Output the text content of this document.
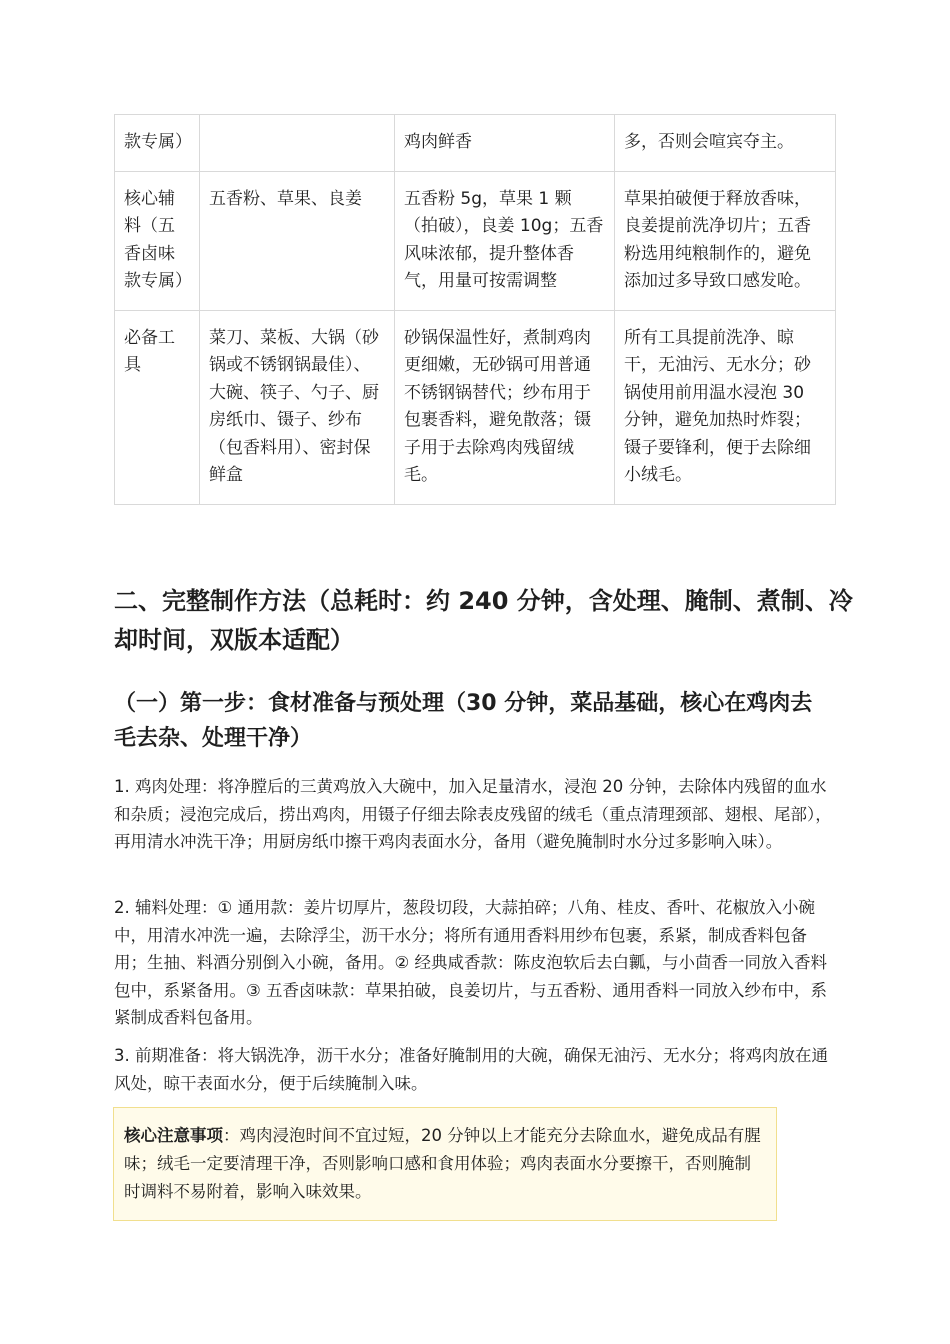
款专属）		鸡肉鲜香	多，否则会喧宾夺主。
核心辅料（五香卤味款专属）	五香粉、草果、良姜	五香粉 5g，草果 1 颗（拍破），良姜 10g；五香风味浓郁，提升整体香气，用量可按需调整	草果拍破便于释放香味，良姜提前洗净切片；五香粉选用纯粮制作的，避免添加过多导致口感发呛。
必备工具	菜刀、菜板、大锅（砂锅或不锈钢锅最佳）、大碗、筷子、勺子、厨房纸巾、镊子、纱布（包香料用）、密封保鲜盒	砂锅保温性好，煮制鸡肉更细嫩，无砂锅可用普通不锈钢锅替代；纱布用于包裹香料，避免散落；镊子用于去除鸡肉残留绒毛。	所有工具提前洗净、晾干，无油污、无水分；砂锅使用前用温水浸泡 30 分钟，避免加热时炸裂；镊子要锋利，便于去除细小绒毛。
二、完整制作方法（总耗时：约 240 分钟，含处理、腌制、煮制、冷却时间，双版本适配）
（一）第一步：食材准备与预处理（30 分钟，菜品基础，核心在鸡肉去毛去杂、处理干净）

1. 鸡肉处理：将净膛后的三黄鸡放入大碗中，加入足量清水，浸泡 20 分钟，去除体内残留的血水和杂质；浸泡完成后，捞出鸡肉，用镊子仔细去除表皮残留的绒毛（重点清理颈部、翅根、尾部），再用清水冲洗干净；用厨房纸巾擦干鸡肉表面水分，备用（避免腌制时水分过多影响入味）。

2. 辅料处理：① 通用款：姜片切厚片，葱段切段，大蒜拍碎；八角、桂皮、香叶、花椒放入小碗中，用清水冲洗一遍，去除浮尘，沥干水分；将所有通用香料用纱布包裹，系紧，制成香料包备用；生抽、料酒分别倒入小碗，备用。② 经典咸香款：陈皮泡软后去白瓤，与小茴香一同放入香料包中，系紧备用。③ 五香卤味款：草果拍破，良姜切片，与五香粉、通用香料一同放入纱布中，系紧制成香料包备用。

3. 前期准备：将大锅洗净，沥干水分；准备好腌制用的大碗，确保无油污、无水分；将鸡肉放在通风处，晾干表面水分，便于后续腌制入味。

核心注意事项：鸡肉浸泡时间不宜过短，20 分钟以上才能充分去除血水，避免成品有腥味；绒毛一定要清理干净，否则影响口感和食用体验；鸡肉表面水分要擦干，否则腌制时调料不易附着，影响入味效果。
